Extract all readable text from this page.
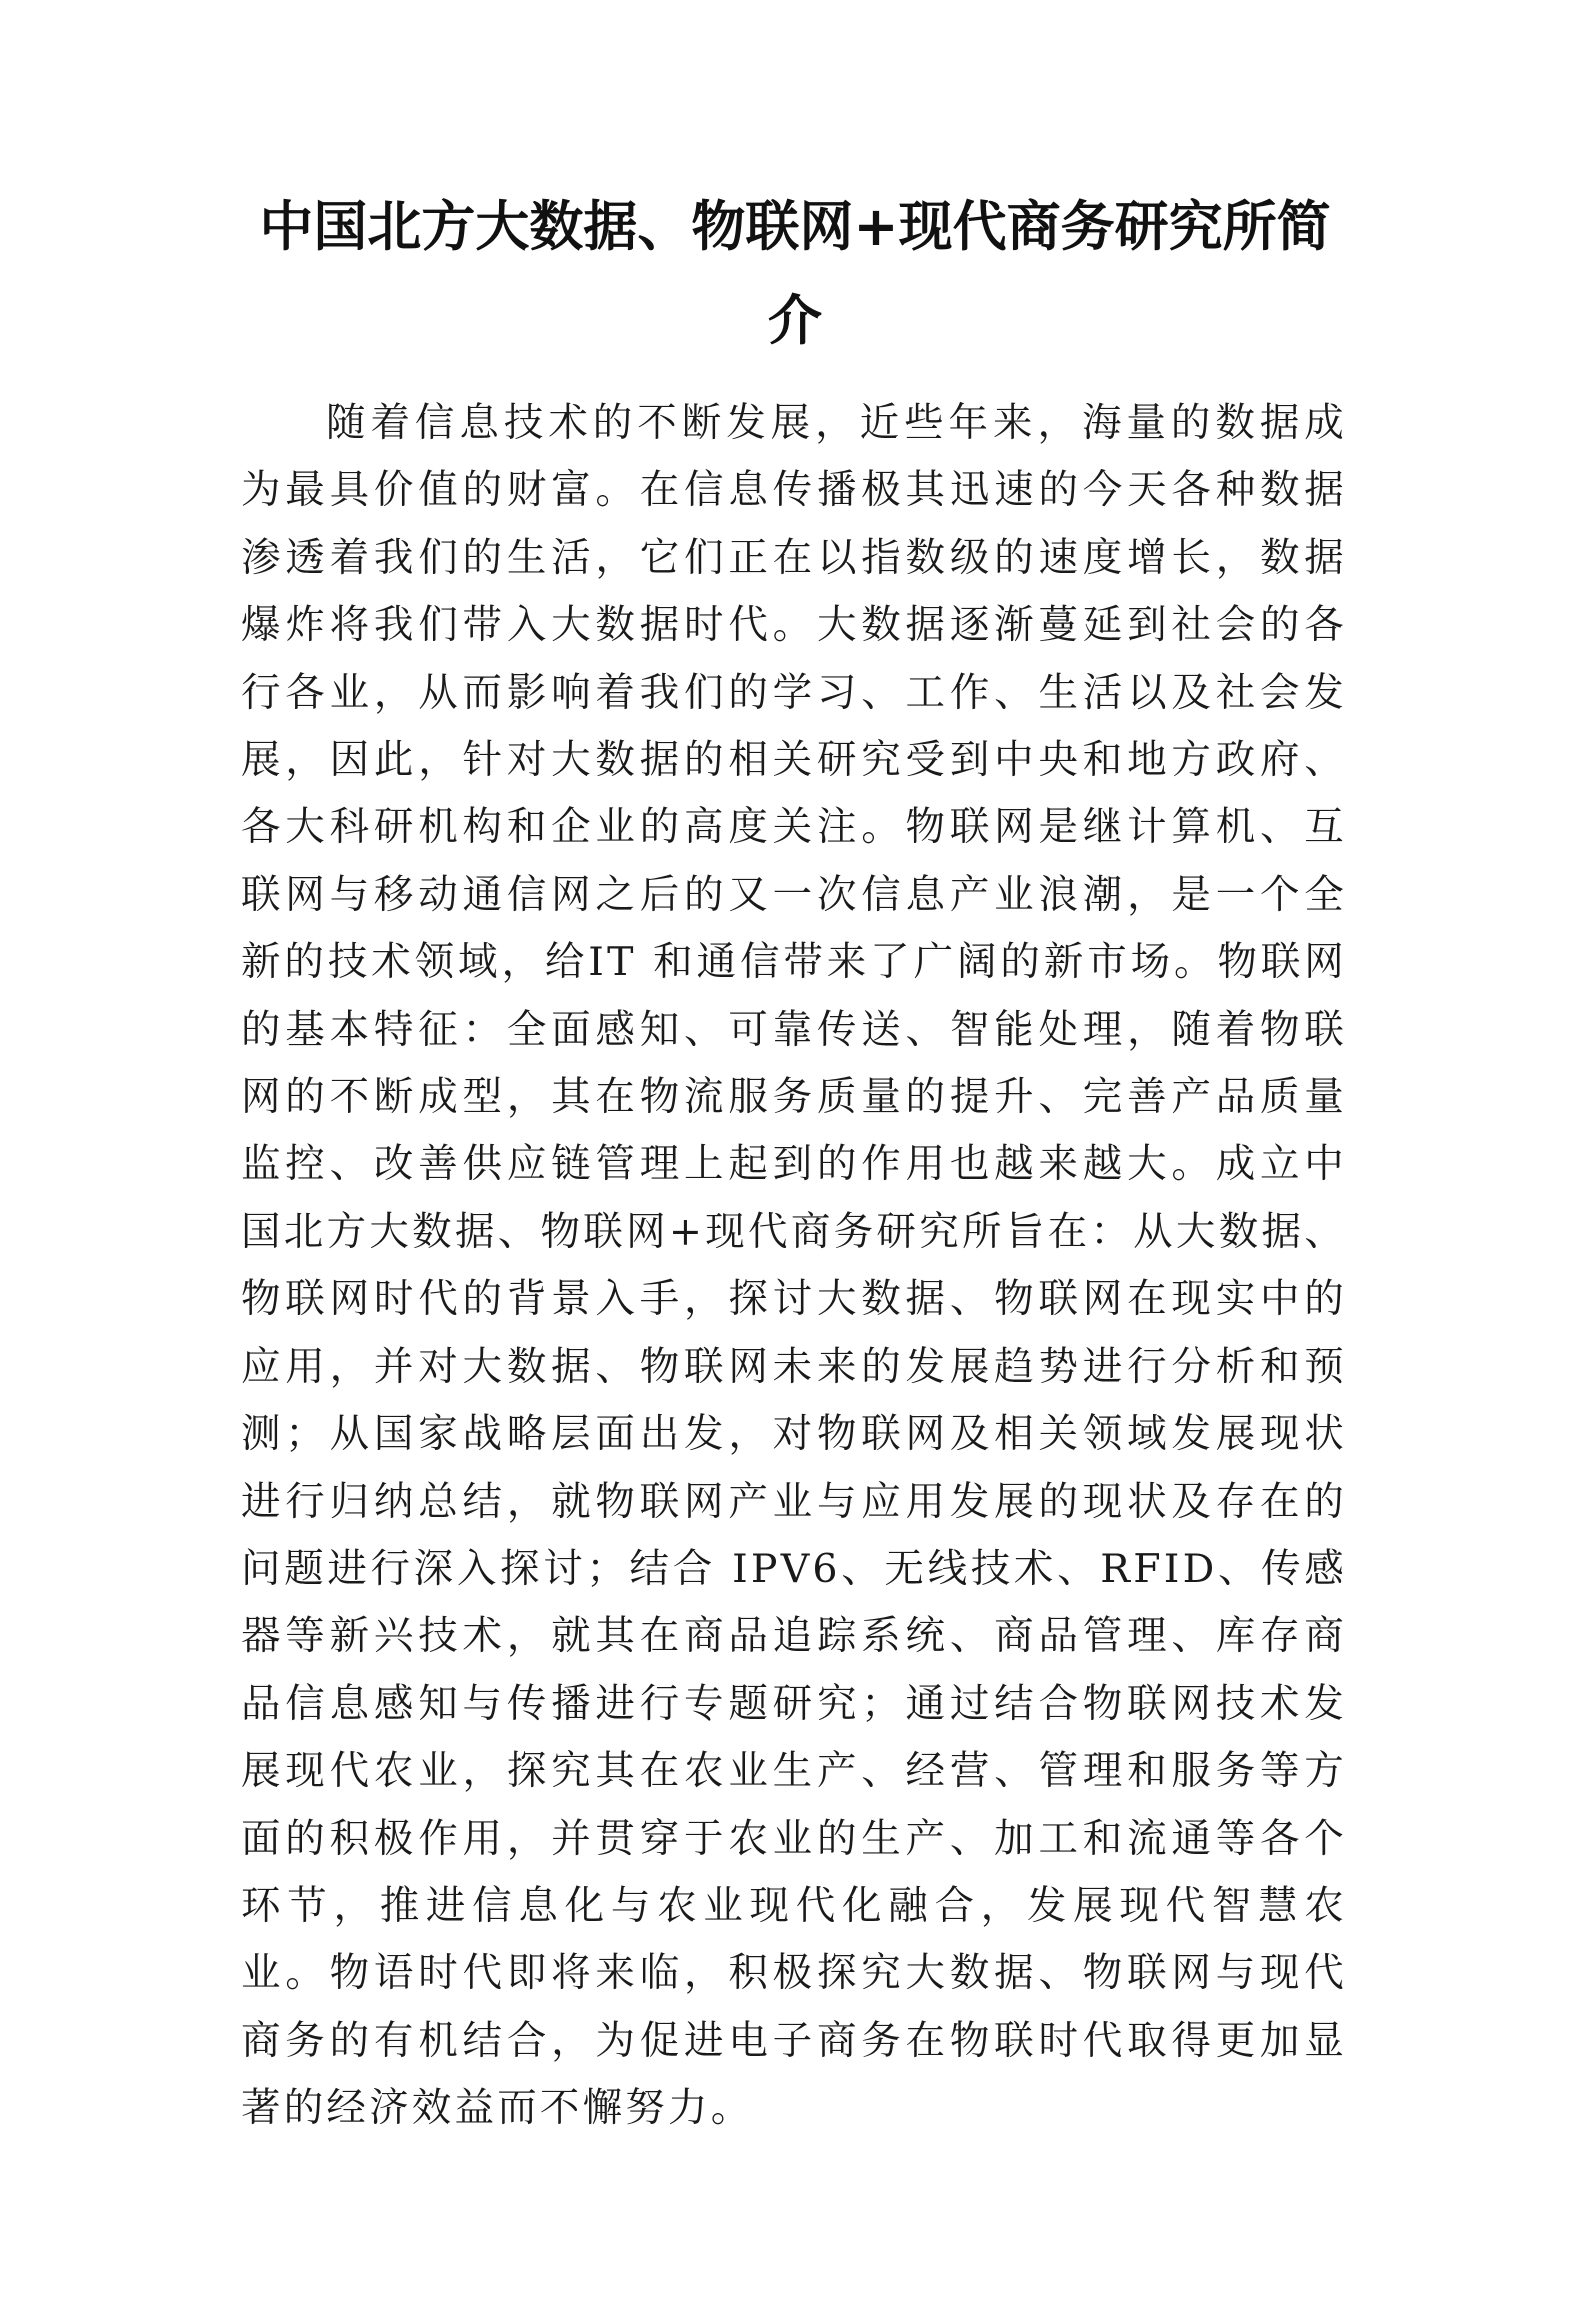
中国北方大数据、物联网+现代商务研究所简介

随着信息技术的不断发展，近些年来，海量的数据成为最具价值的财富。在信息传播极其迅速的今天各种数据渗透着我们的生活，它们正在以指数级的速度增长，数据爆炸将我们带入大数据时代。大数据逐渐蔓延到社会的各行各业，从而影响着我们的学习、工作、生活以及社会发展，因此，针对大数据的相关研究受到中央和地方政府、各大科研机构和企业的高度关注。物联网是继计算机、互联网与移动通信网之后的又一次信息产业浪潮，是一个全新的技术领域，给IT 和通信带来了广阔的新市场。物联网的基本特征：全面感知、可靠传送、智能处理，随着物联网的不断成型，其在物流服务质量的提升、完善产品质量监控、改善供应链管理上起到的作用也越来越大。成立中国北方大数据、物联网+现代商务研究所旨在：从大数据、物联网时代的背景入手，探讨大数据、物联网在现实中的应用，并对大数据、物联网未来的发展趋势进行分析和预测；从国家战略层面出发，对物联网及相关领域发展现状进行归纳总结，就物联网产业与应用发展的现状及存在的问题进行深入探讨；结合 IPV6、无线技术、RFID、传感器等新兴技术，就其在商品追踪系统、商品管理、库存商品信息感知与传播进行专题研究；通过结合物联网技术发展现代农业，探究其在农业生产、经营、管理和服务等方面的积极作用，并贯穿于农业的生产、加工和流通等各个环节，推进信息化与农业现代化融合，发展现代智慧农业。物语时代即将来临，积极探究大数据、物联网与现代商务的有机结合，为促进电子商务在物联时代取得更加显著的经济效益而不懈努力。
